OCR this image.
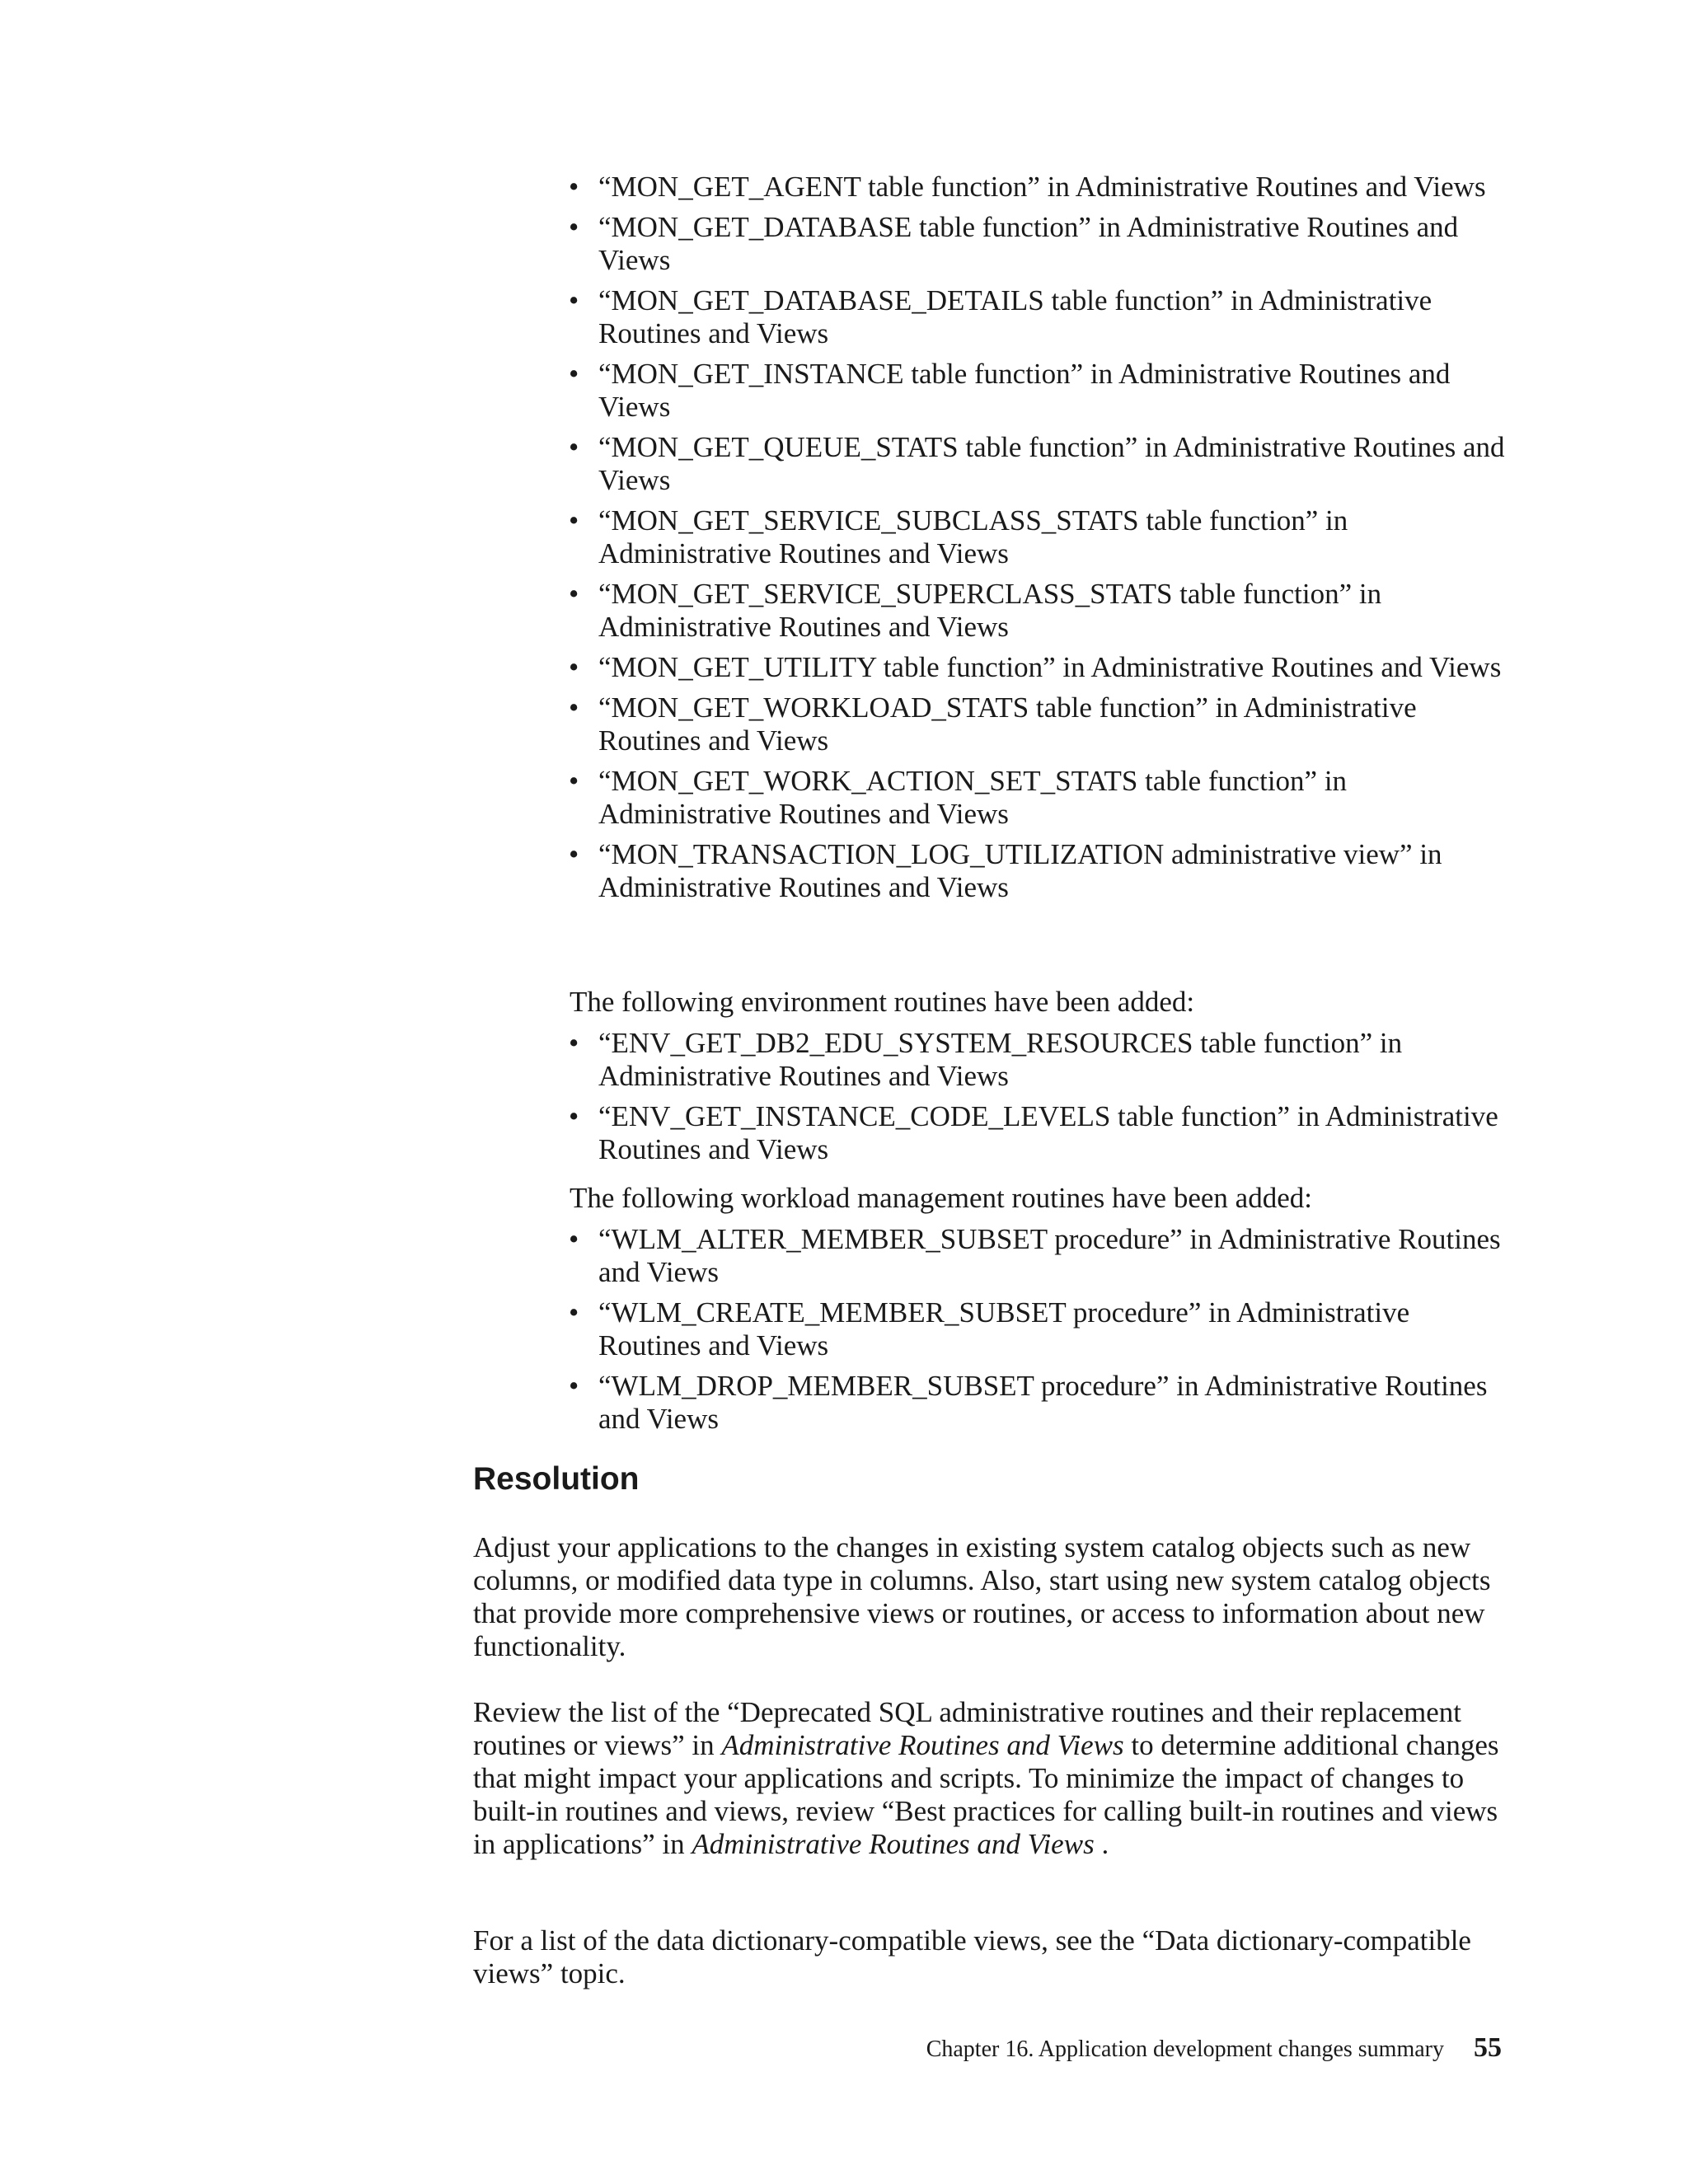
• “MON_GET_AGENT table function” in Administrative Routines and Views
• “MON_GET_DATABASE table function” in Administrative Routines and Views
• “MON_GET_DATABASE_DETAILS table function” in Administrative Routines and Views
• “MON_GET_INSTANCE table function” in Administrative Routines and Views
• “MON_GET_QUEUE_STATS table function” in Administrative Routines and Views
• “MON_GET_SERVICE_SUBCLASS_STATS table function” in Administrative Routines and Views
• “MON_GET_SERVICE_SUPERCLASS_STATS table function” in Administrative Routines and Views
• “MON_GET_UTILITY table function” in Administrative Routines and Views
• “MON_GET_WORKLOAD_STATS table function” in Administrative Routines and Views
• “MON_GET_WORK_ACTION_SET_STATS table function” in Administrative Routines and Views
• “MON_TRANSACTION_LOG_UTILIZATION administrative view” in Administrative Routines and Views

The following environment routines have been added:

• “ENV_GET_DB2_EDU_SYSTEM_RESOURCES table function” in Administrative Routines and Views
• “ENV_GET_INSTANCE_CODE_LEVELS table function” in Administrative Routines and Views

The following workload management routines have been added:

• “WLM_ALTER_MEMBER_SUBSET procedure” in Administrative Routines and Views
• “WLM_CREATE_MEMBER_SUBSET procedure” in Administrative Routines and Views
• “WLM_DROP_MEMBER_SUBSET procedure” in Administrative Routines and Views
Resolution

Adjust your applications to the changes in existing system catalog objects such as new columns, or modified data type in columns. Also, start using new system catalog objects that provide more comprehensive views or routines, or access to information about new functionality.

Review the list of the “Deprecated SQL administrative routines and their replacement routines or views” in Administrative Routines and Views to determine additional changes that might impact your applications and scripts. To minimize the impact of changes to built-in routines and views, review “Best practices for calling built-in routines and views in applications” in Administrative Routines and Views .

For a list of the data dictionary-compatible views, see the “Data dictionary-compatible views” topic.

Chapter 16. Application development changes summary 55
